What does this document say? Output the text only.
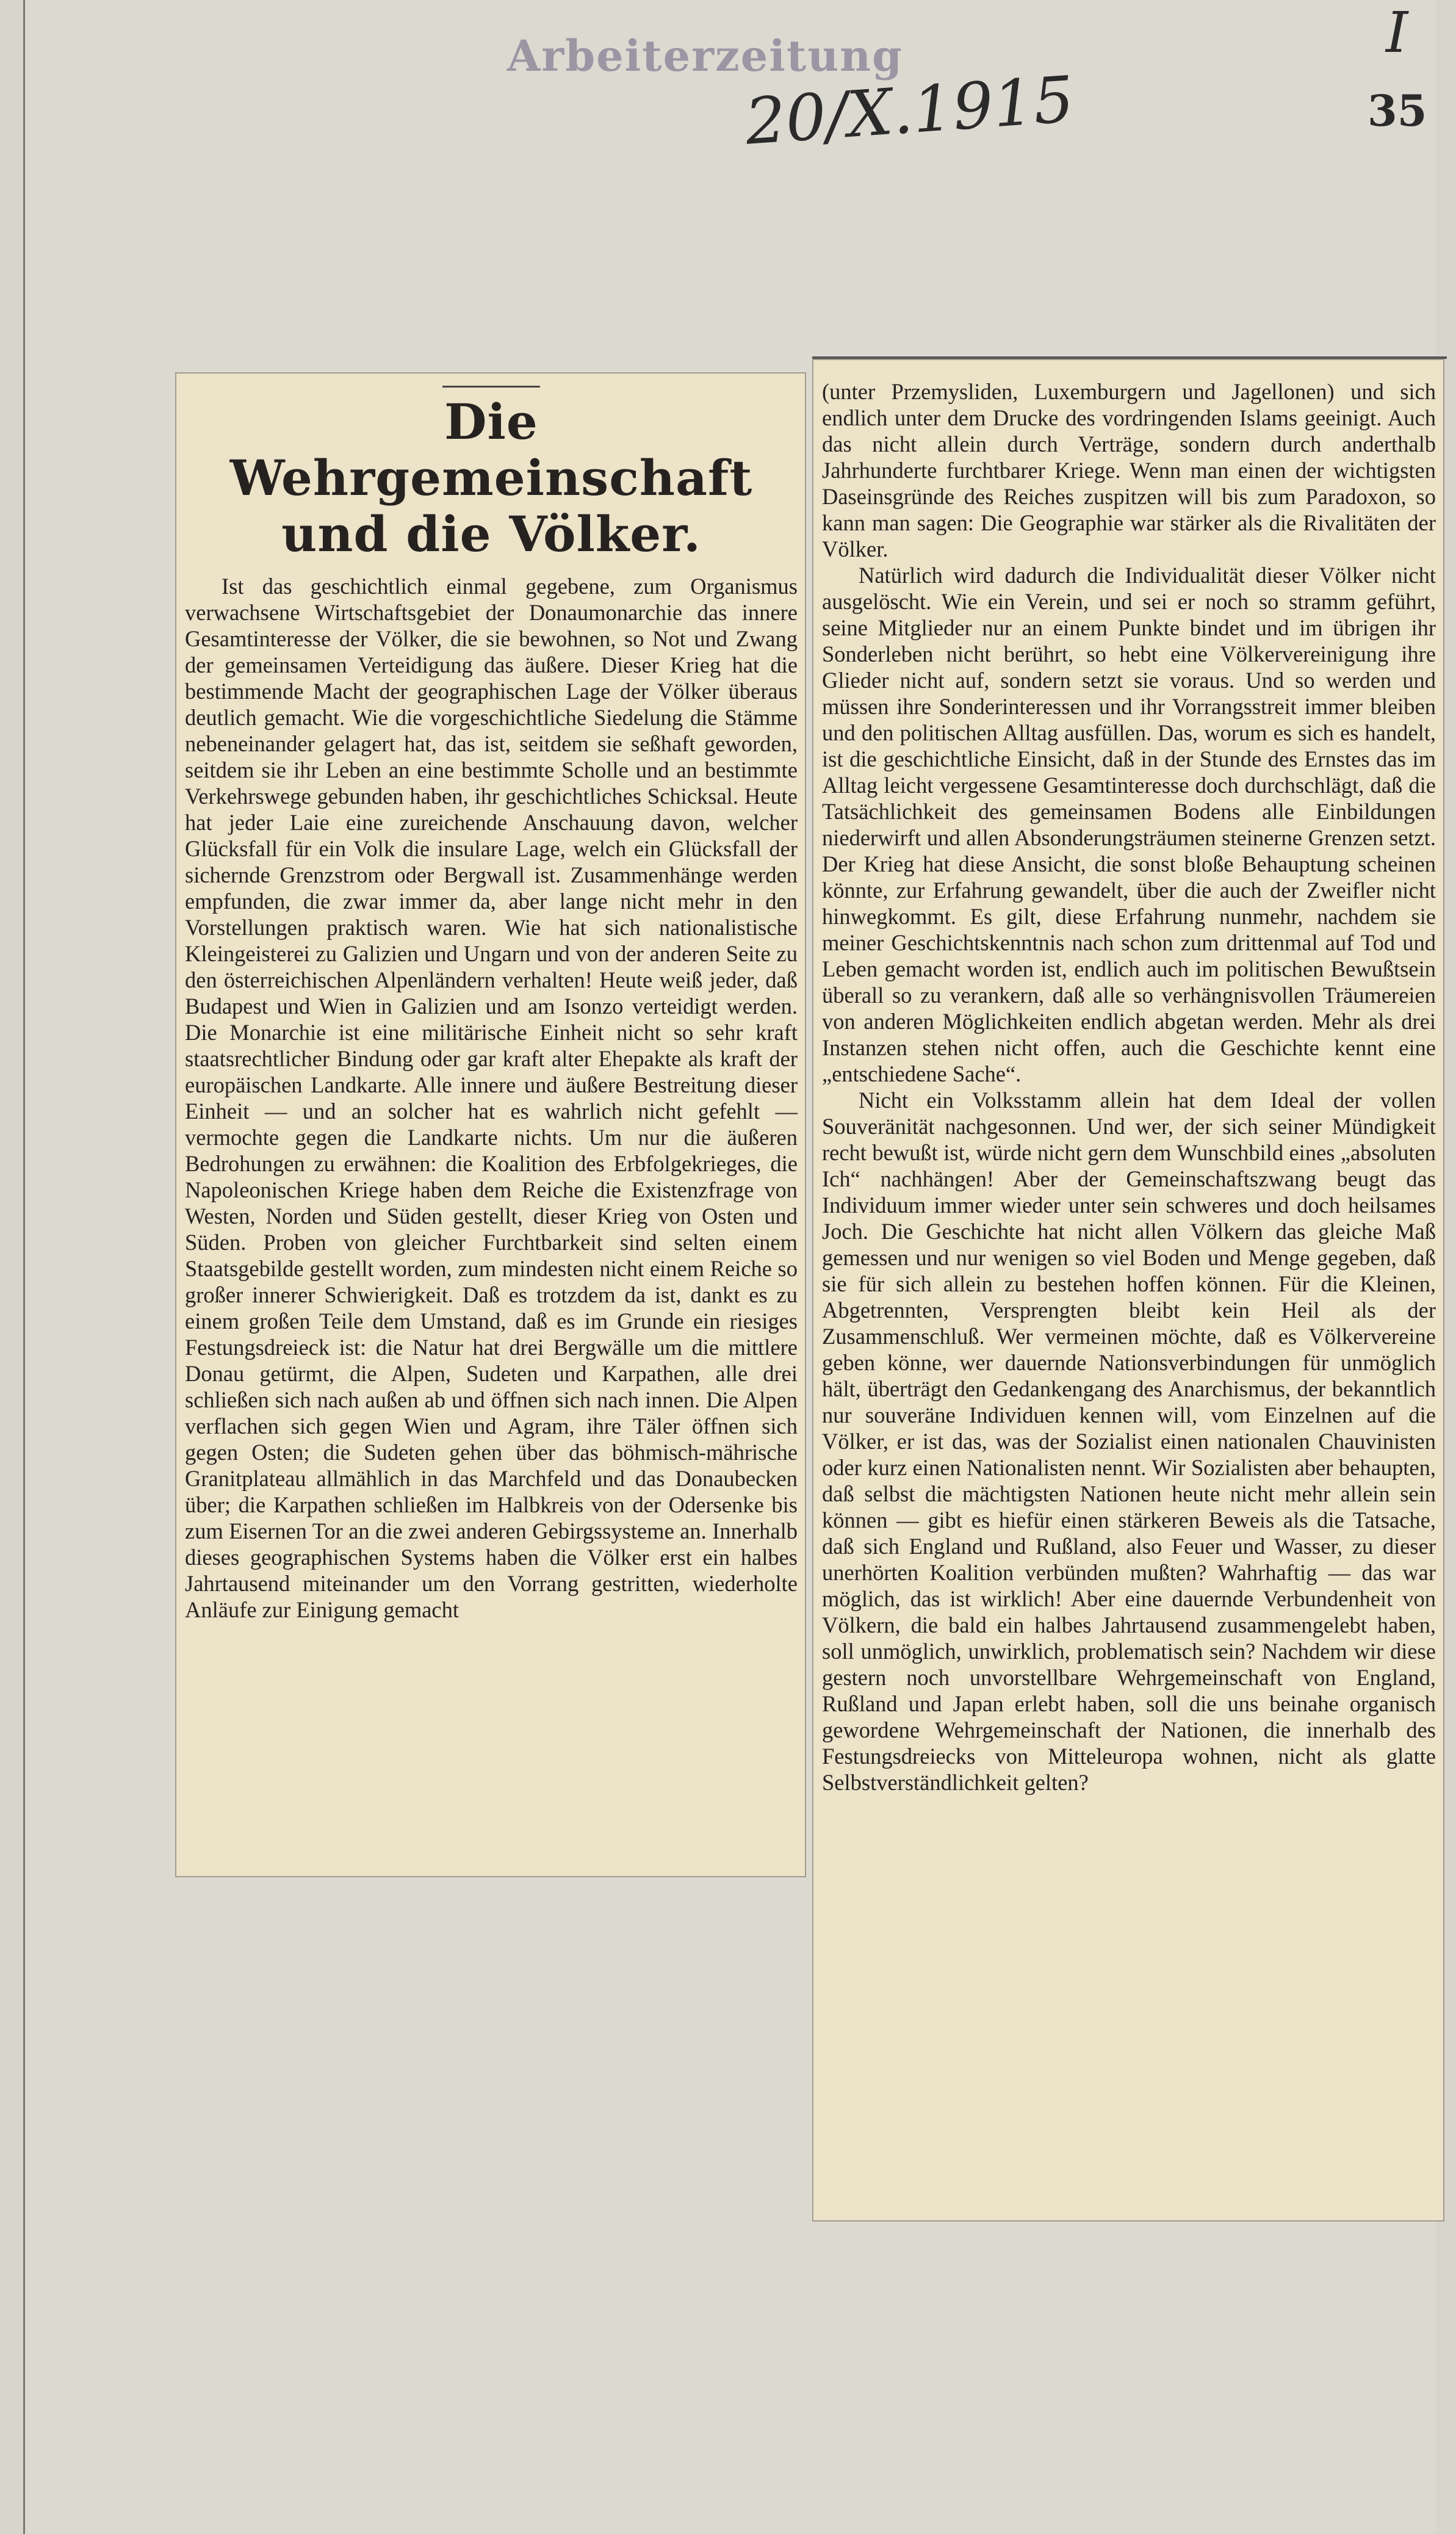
Arbeiterzeitung
20/X.1915
I
35
Die Wehrgemeinschaft und die Völker.

Ist das geschichtlich einmal gegebene, zum Organismus verwachsene Wirtschaftsgebiet der Donaumonarchie das innere Gesamtinteresse der Völker, die sie bewohnen, so Not und Zwang der gemeinsamen Verteidigung das äußere. Dieser Krieg hat die bestimmende Macht der geographischen Lage der Völker überaus deutlich gemacht. Wie die vorgeschichtliche Siedelung die Stämme nebeneinander gelagert hat, das ist, seitdem sie seßhaft geworden, seitdem sie ihr Leben an eine bestimmte Scholle und an bestimmte Verkehrswege gebunden haben, ihr geschichtliches Schicksal. Heute hat jeder Laie eine zureichende Anschauung davon, welcher Glücksfall für ein Volk die insulare Lage, welch ein Glücksfall der sichernde Grenzstrom oder Bergwall ist. Zusammenhänge werden empfunden, die zwar immer da, aber lange nicht mehr in den Vorstellungen praktisch waren. Wie hat sich nationalistische Kleingeisterei zu Galizien und Ungarn und von der anderen Seite zu den österreichischen Alpenländern verhalten! Heute weiß jeder, daß Budapest und Wien in Galizien und am Isonzo verteidigt werden. Die Monarchie ist eine militärische Einheit nicht so sehr kraft staatsrechtlicher Bindung oder gar kraft alter Ehepakte als kraft der europäischen Landkarte. Alle innere und äußere Bestreitung dieser Einheit — und an solcher hat es wahrlich nicht gefehlt — vermochte gegen die Landkarte nichts. Um nur die äußeren Bedrohungen zu erwähnen: die Koalition des Erbfolgekrieges, die Napoleonischen Kriege haben dem Reiche die Existenzfrage von Westen, Norden und Süden gestellt, dieser Krieg von Osten und Süden. Proben von gleicher Furchtbarkeit sind selten einem Staatsgebilde gestellt worden, zum mindesten nicht einem Reiche so großer innerer Schwierigkeit. Daß es trotzdem da ist, dankt es zu einem großen Teile dem Umstand, daß es im Grunde ein riesiges Festungsdreieck ist: die Natur hat drei Bergwälle um die mittlere Donau getürmt, die Alpen, Sudeten und Karpathen, alle drei schließen sich nach außen ab und öffnen sich nach innen. Die Alpen verflachen sich gegen Wien und Agram, ihre Täler öffnen sich gegen Osten; die Sudeten gehen über das böhmisch-mährische Granitplateau allmählich in das Marchfeld und das Donaubecken über; die Karpathen schließen im Halbkreis von der Odersenke bis zum Eisernen Tor an die zwei anderen Gebirgssysteme an. Innerhalb dieses geographischen Systems haben die Völker erst ein halbes Jahrtausend miteinander um den Vorrang gestritten, wiederholte Anläufe zur Einigung gemacht

(unter Przemysliden, Luxemburgern und Jagellonen) und sich endlich unter dem Drucke des vordringenden Islams geeinigt. Auch das nicht allein durch Verträge, sondern durch anderthalb Jahrhunderte furchtbarer Kriege. Wenn man einen der wichtigsten Daseinsgründe des Reiches zuspitzen will bis zum Paradoxon, so kann man sagen: Die Geographie war stärker als die Rivalitäten der Völker.

Natürlich wird dadurch die Individualität dieser Völker nicht ausgelöscht. Wie ein Verein, und sei er noch so stramm geführt, seine Mitglieder nur an einem Punkte bindet und im übrigen ihr Sonderleben nicht berührt, so hebt eine Völkervereinigung ihre Glieder nicht auf, sondern setzt sie voraus. Und so werden und müssen ihre Sonderinteressen und ihr Vorrangsstreit immer bleiben und den politischen Alltag ausfüllen. Das, worum es sich es handelt, ist die geschichtliche Einsicht, daß in der Stunde des Ernstes das im Alltag leicht vergessene Gesamtinteresse doch durchschlägt, daß die Tatsächlichkeit des gemeinsamen Bodens alle Einbildungen niederwirft und allen Absonderungsträumen steinerne Grenzen setzt. Der Krieg hat diese Ansicht, die sonst bloße Behauptung scheinen könnte, zur Erfahrung gewandelt, über die auch der Zweifler nicht hinwegkommt. Es gilt, diese Erfahrung nunmehr, nachdem sie meiner Geschichtskenntnis nach schon zum drittenmal auf Tod und Leben gemacht worden ist, endlich auch im politischen Bewußtsein überall so zu verankern, daß alle so verhängnisvollen Träumereien von anderen Möglichkeiten endlich abgetan werden. Mehr als drei Instanzen stehen nicht offen, auch die Geschichte kennt eine „entschiedene Sache“.

Nicht ein Volksstamm allein hat dem Ideal der vollen Souveränität nachgesonnen. Und wer, der sich seiner Mündigkeit recht bewußt ist, würde nicht gern dem Wunschbild eines „absoluten Ich“ nachhängen! Aber der Gemeinschaftszwang beugt das Individuum immer wieder unter sein schweres und doch heilsames Joch. Die Geschichte hat nicht allen Völkern das gleiche Maß gemessen und nur wenigen so viel Boden und Menge gegeben, daß sie für sich allein zu bestehen hoffen können. Für die Kleinen, Abgetrennten, Versprengten bleibt kein Heil als der Zusammenschluß. Wer vermeinen möchte, daß es Völkervereine geben könne, wer dauernde Nationsverbindungen für unmöglich hält, überträgt den Gedankengang des Anarchismus, der bekanntlich nur souveräne Individuen kennen will, vom Einzelnen auf die Völker, er ist das, was der Sozialist einen nationalen Chauvinisten oder kurz einen Nationalisten nennt. Wir Sozialisten aber behaupten, daß selbst die mächtigsten Nationen heute nicht mehr allein sein können — gibt es hiefür einen stärkeren Beweis als die Tatsache, daß sich England und Rußland, also Feuer und Wasser, zu dieser unerhörten Koalition verbünden mußten? Wahrhaftig — das war möglich, das ist wirklich! Aber eine dauernde Verbundenheit von Völkern, die bald ein halbes Jahrtausend zusammengelebt haben, soll unmöglich, unwirklich, problematisch sein? Nachdem wir diese gestern noch unvorstellbare Wehrgemeinschaft von England, Rußland und Japan erlebt haben, soll die uns beinahe organisch gewordene Wehrgemeinschaft der Nationen, die innerhalb des Festungsdreiecks von Mitteleuropa wohnen, nicht als glatte Selbstverständlichkeit gelten?
